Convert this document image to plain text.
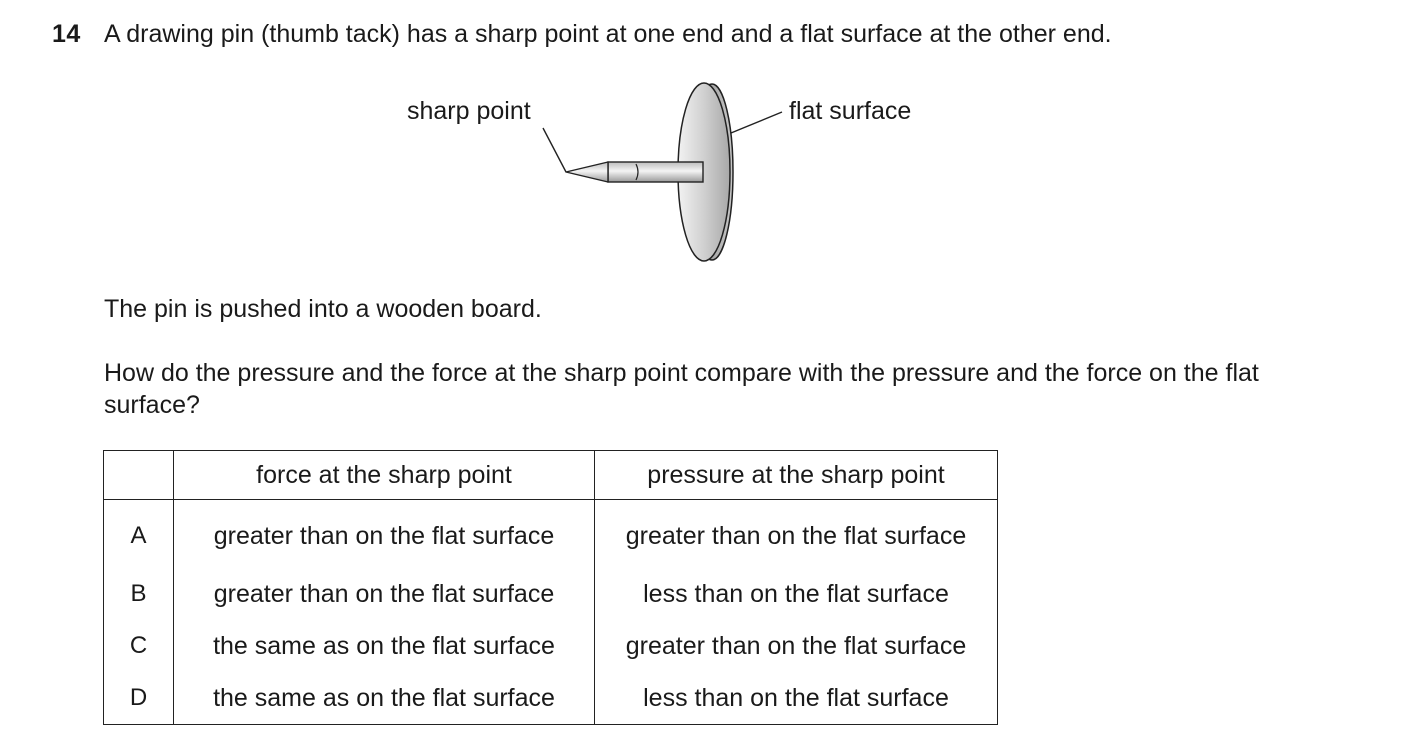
14 A drawing pin (thumb tack) has a sharp point at one end and a flat surface at the other end.
sharp point	flat surface
The pin is pushed into a wooden board.
How do the pressure and the force at the sharp point compare with the pressure and the force on the flat surface?
	force at the sharp point	pressure at the sharp point
A	greater than on the flat surface	greater than on the flat surface
B	greater than on the flat surface	less than on the flat surface
C	the same as on the flat surface	greater than on the flat surface
D	the same as on the flat surface	less than on the flat surface
